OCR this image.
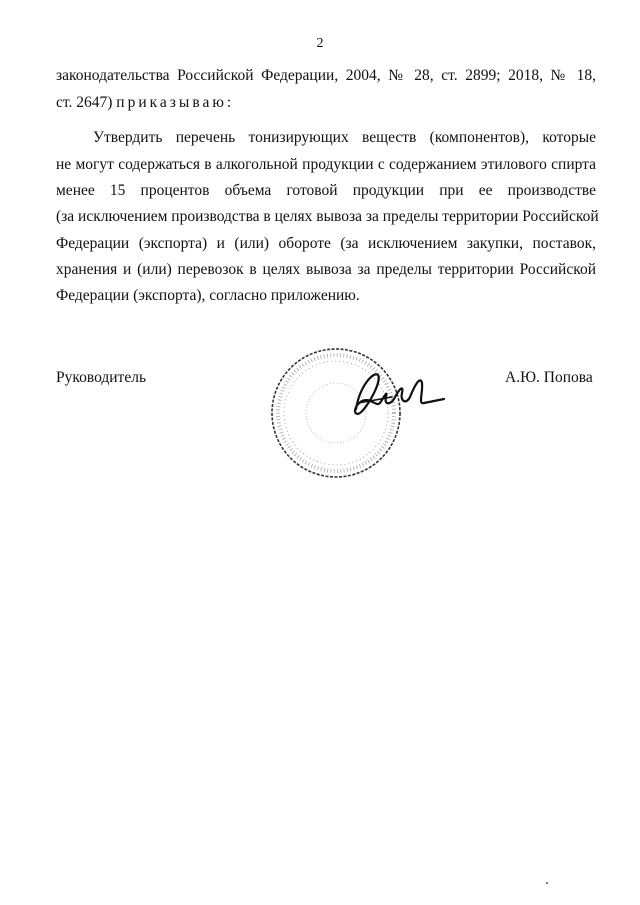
2
законодательства Российской Федерации, 2004, № 28, ст. 2899; 2018, № 18,
ст. 2647) приказываю:
Утвердить перечень тонизирующих веществ (компонентов), которые
не могут содержаться в алкогольной продукции с содержанием этилового спирта
менее 15 процентов объема готовой продукции при ее производстве
(за исключением производства в целях вывоза за пределы территории Российской
Федерации (экспорта) и (или) обороте (за исключением закупки, поставок,
хранения и (или) перевозок в целях вывоза за пределы территории Российской
Федерации (экспорта), согласно приложению.
Руководитель	А.Ю. Попова
